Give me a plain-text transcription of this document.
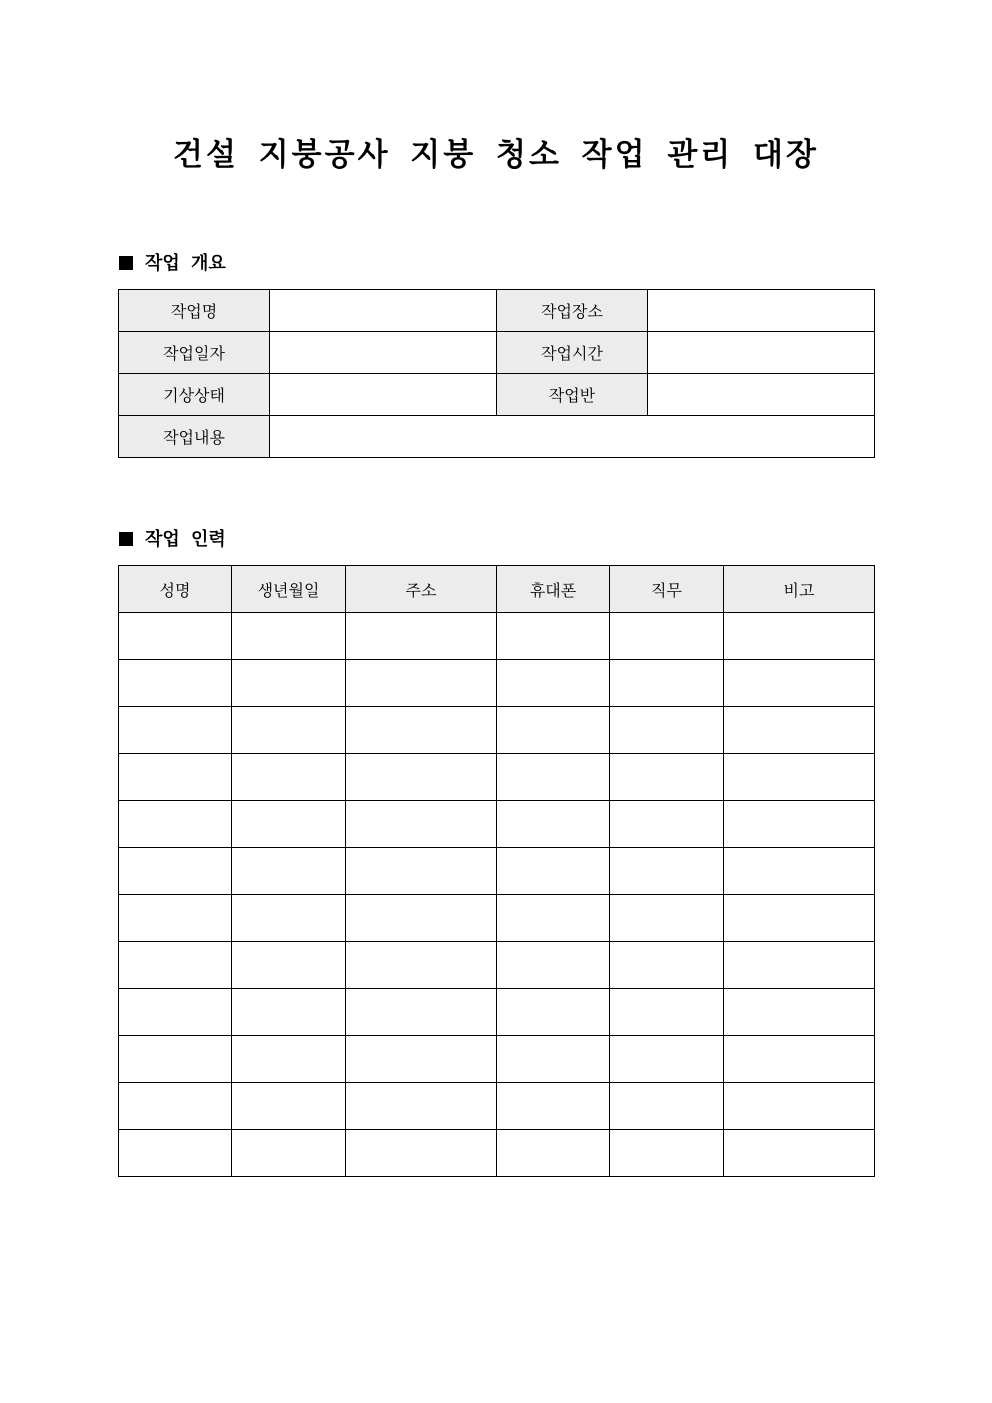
건설 지붕공사 지붕 청소 작업 관리 대장
작업 개요
작업명		작업장소	
작업일자		작업시간	
기상상태		작업반	
작업내용			
작업 인력
성명	생년월일	주소	휴대폰	직무	비고
